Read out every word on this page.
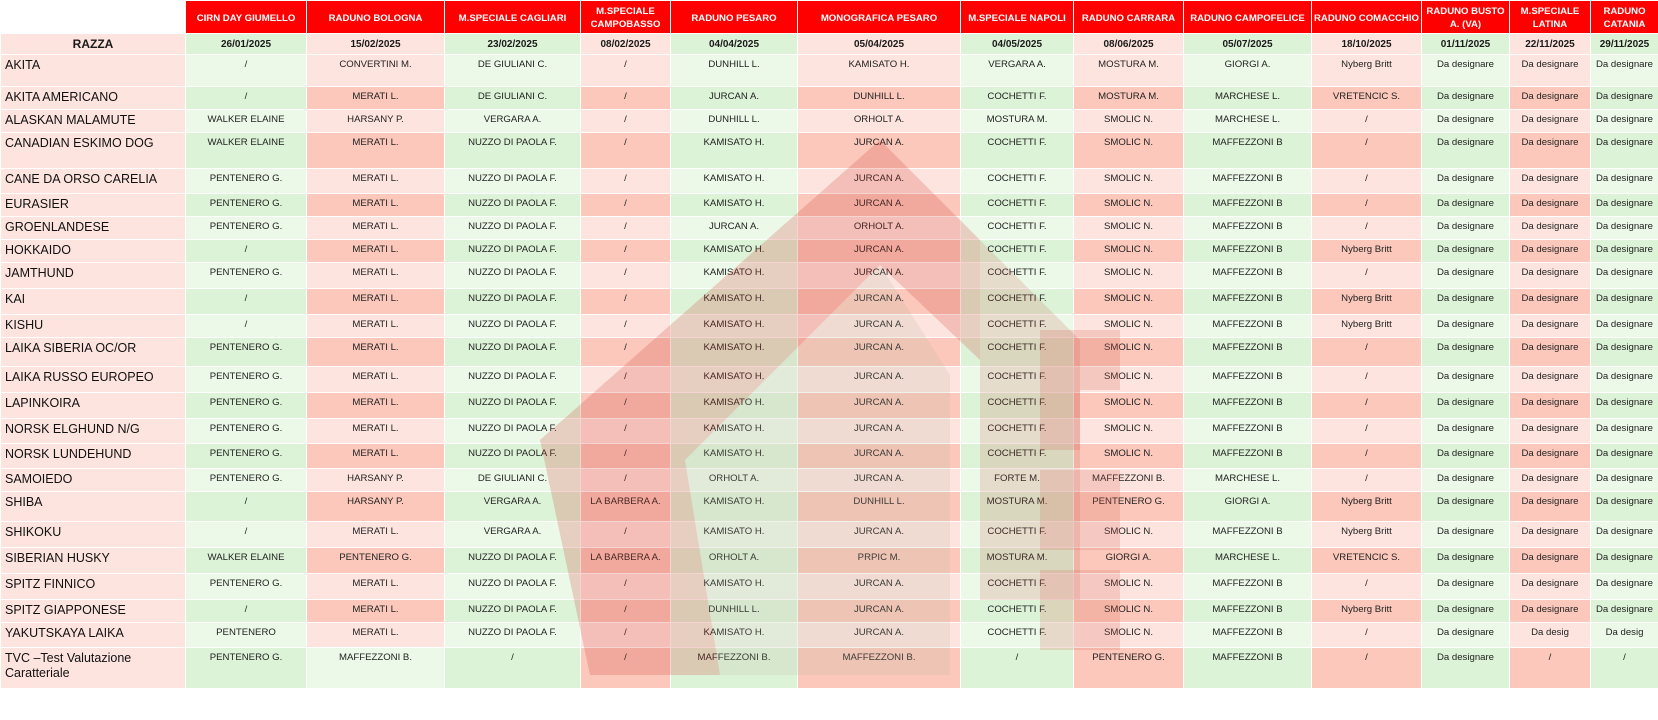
	CIRN DAY GIUMELLO	RADUNO BOLOGNA	M.SPECIALE CAGLIARI	M.SPECIALE CAMPOBASSO	RADUNO PESARO	MONOGRAFICA PESARO	M.SPECIALE NAPOLI	RADUNO CARRARA	RADUNO CAMPOFELICE	RADUNO COMACCHIO	RADUNO BUSTO A. (VA)	M.SPECIALE LATINA	RADUNO CATANIA
RAZZA	26/01/2025	15/02/2025	23/02/2025	08/02/2025	04/04/2025	05/04/2025	04/05/2025	08/06/2025	05/07/2025	18/10/2025	01/11/2025	22/11/2025	29/11/2025
AKITA	/	CONVERTINI M.	DE GIULIANI C.	/	DUNHILL L.	KAMISATO H.	VERGARA A.	MOSTURA M.	GIORGI A.	Nyberg Britt	Da designare	Da designare	Da designare
AKITA AMERICANO	/	MERATI L.	DE GIULIANI C.	/	JURCAN A.	DUNHILL L.	COCHETTI F.	MOSTURA M.	MARCHESE L.	VRETENCIC S.	Da designare	Da designare	Da designare
ALASKAN MALAMUTE	WALKER ELAINE	HARSANY P.	VERGARA A.	/	DUNHILL L.	ORHOLT A.	MOSTURA M.	SMOLIC N.	MARCHESE L.	/	Da designare	Da designare	Da designare
CANADIAN ESKIMO DOG	WALKER ELAINE	MERATI L.	NUZZO DI PAOLA F.	/	KAMISATO H.	JURCAN A.	COCHETTI F.	SMOLIC N.	MAFFEZZONI B	/	Da designare	Da designare	Da designare
CANE DA ORSO CARELIA	PENTENERO G.	MERATI L.	NUZZO DI PAOLA F.	/	KAMISATO H.	JURCAN A.	COCHETTI F.	SMOLIC N.	MAFFEZZONI B	/	Da designare	Da designare	Da designare
EURASIER	PENTENERO G.	MERATI L.	NUZZO DI PAOLA F.	/	KAMISATO H.	JURCAN A.	COCHETTI F.	SMOLIC N.	MAFFEZZONI B	/	Da designare	Da designare	Da designare
GROENLANDESE	PENTENERO G.	MERATI L.	NUZZO DI PAOLA F.	/	JURCAN A.	ORHOLT A.	COCHETTI F.	SMOLIC N.	MAFFEZZONI B	/	Da designare	Da designare	Da designare
HOKKAIDO	/	MERATI L.	NUZZO DI PAOLA F.	/	KAMISATO H.	JURCAN A.	COCHETTI F.	SMOLIC N.	MAFFEZZONI B	Nyberg Britt	Da designare	Da designare	Da designare
JAMTHUND	PENTENERO G.	MERATI L.	NUZZO DI PAOLA F.	/	KAMISATO H.	JURCAN A.	COCHETTI F.	SMOLIC N.	MAFFEZZONI B	/	Da designare	Da designare	Da designare
KAI	/	MERATI L.	NUZZO DI PAOLA F.	/	KAMISATO H.	JURCAN A.	COCHETTI F.	SMOLIC N.	MAFFEZZONI B	Nyberg Britt	Da designare	Da designare	Da designare
KISHU	/	MERATI L.	NUZZO DI PAOLA F.	/	KAMISATO H.	JURCAN A.	COCHETTI F.	SMOLIC N.	MAFFEZZONI B	Nyberg Britt	Da designare	Da designare	Da designare
LAIKA SIBERIA OC/OR	PENTENERO G.	MERATI L.	NUZZO DI PAOLA F.	/	KAMISATO H.	JURCAN A.	COCHETTI F.	SMOLIC N.	MAFFEZZONI B	/	Da designare	Da designare	Da designare
LAIKA RUSSO EUROPEO	PENTENERO G.	MERATI L.	NUZZO DI PAOLA F.	/	KAMISATO H.	JURCAN A.	COCHETTI F.	SMOLIC N.	MAFFEZZONI B	/	Da designare	Da designare	Da designare
LAPINKOIRA	PENTENERO G.	MERATI L.	NUZZO DI PAOLA F.	/	KAMISATO H.	JURCAN A.	COCHETTI F.	SMOLIC N.	MAFFEZZONI B	/	Da designare	Da designare	Da designare
NORSK ELGHUND N/G	PENTENERO G.	MERATI L.	NUZZO DI PAOLA F.	/	KAMISATO H.	JURCAN A.	COCHETTI F.	SMOLIC N.	MAFFEZZONI B	/	Da designare	Da designare	Da designare
NORSK LUNDEHUND	PENTENERO G.	MERATI L.	NUZZO DI PAOLA F.	/	KAMISATO H.	JURCAN A.	COCHETTI F.	SMOLIC N.	MAFFEZZONI B	/	Da designare	Da designare	Da designare
SAMOIEDO	PENTENERO G.	HARSANY P.	DE GIULIANI C.	/	ORHOLT A.	JURCAN A.	FORTE M.	MAFFEZZONI B.	MARCHESE L.	/	Da designare	Da designare	Da designare
SHIBA	/	HARSANY P.	VERGARA A.	LA BARBERA A.	KAMISATO H.	DUNHILL L.	MOSTURA M.	PENTENERO G.	GIORGI A.	Nyberg Britt	Da designare	Da designare	Da designare
SHIKOKU	/	MERATI L.	VERGARA A.	/	KAMISATO H.	JURCAN A.	COCHETTI F.	SMOLIC N.	MAFFEZZONI B	Nyberg Britt	Da designare	Da designare	Da designare
SIBERIAN HUSKY	WALKER ELAINE	PENTENERO G.	NUZZO DI PAOLA F.	LA BARBERA A.	ORHOLT A.	PRPIC M.	MOSTURA M.	GIORGI A.	MARCHESE L.	VRETENCIC S.	Da designare	Da designare	Da designare
SPITZ FINNICO	PENTENERO G.	MERATI L.	NUZZO DI PAOLA F.	/	KAMISATO H.	JURCAN A.	COCHETTI F.	SMOLIC N.	MAFFEZZONI B	/	Da designare	Da designare	Da designare
SPITZ GIAPPONESE	/	MERATI L.	NUZZO DI PAOLA F.	/	DUNHILL L.	JURCAN A.	COCHETTI F.	SMOLIC N.	MAFFEZZONI B	Nyberg Britt	Da designare	Da designare	Da designare
YAKUTSKAYA LAIKA	PENTENERO	MERATI L.	NUZZO DI PAOLA F.	/	KAMISATO H.	JURCAN A.	COCHETTI F.	SMOLIC N.	MAFFEZZONI B	/	Da designare	Da desig	Da desig
TVC –Test Valutazione Caratteriale	PENTENERO G.	MAFFEZZONI B.	/	/	MAFFEZZONI B.	MAFFEZZONI B.	/	PENTENERO G.	MAFFEZZONI B	/	Da designare	/	/
